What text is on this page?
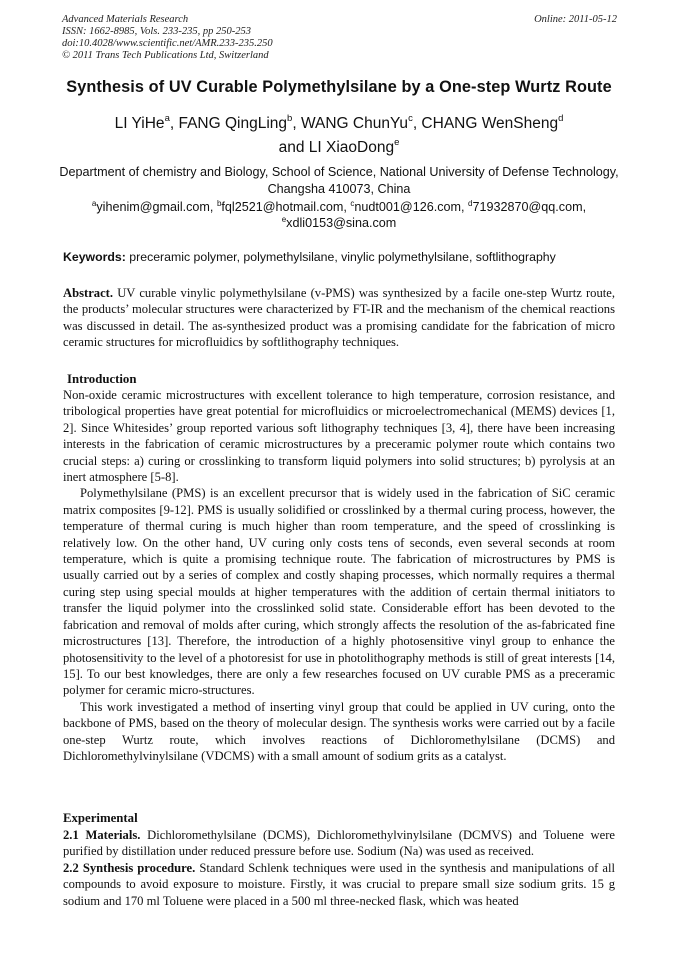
Advanced Materials Research
ISSN: 1662-8985, Vols. 233-235, pp 250-253
doi:10.4028/www.scientific.net/AMR.233-235.250
© 2011 Trans Tech Publications Ltd, Switzerland
Online: 2011-05-12
Synthesis of UV Curable Polymethylsilane by a One-step Wurtz Route
LI YiHe$^a$, FANG QingLing$^b$, WANG ChunYu$^c$, CHANG WenSheng$^d$
and LI XiaoDong$^e$
Department of chemistry and Biology, School of Science, National University of Defense Technology, Changsha 410073, China
$^a$yihenim@gmail.com, $^b$fql2521@hotmail.com, $^c$nudt001@126.com, $^d$71932870@qq.com,
$^e$xdli0153@sina.com
Keywords: preceramic polymer, polymethylsilane, vinylic polymethylsilane, softlithography
Abstract. UV curable vinylic polymethylsilane (v-PMS) was synthesized by a facile one-step Wurtz route, the products’ molecular structures were characterized by FT-IR and the mechanism of the chemical reactions was discussed in detail. The as-synthesized product was a promising candidate for the fabrication of micro ceramic structures for microfluidics by softlithography techniques.
Introduction

Non-oxide ceramic microstructures with excellent tolerance to high temperature, corrosion resistance, and tribological properties have great potential for microfluidics or microelectromechanical (MEMS) devices [1, 2]. Since Whitesides’ group reported various soft lithography techniques [3, 4], there have been increasing interests in the fabrication of ceramic microstructures by a preceramic polymer route which contains two crucial steps: a) curing or crosslinking to transform liquid polymers into solid structures; b) pyrolysis at an inert atmosphere [5-8].

Polymethylsilane (PMS) is an excellent precursor that is widely used in the fabrication of SiC ceramic matrix composites [9-12]. PMS is usually solidified or crosslinked by a thermal curing process, however, the temperature of thermal curing is much higher than room temperature, and the speed of crosslinking is relatively low. On the other hand, UV curing only costs tens of seconds, even several seconds at room temperature, which is quite a promising technique route. The fabrication of microstructures by PMS is usually carried out by a series of complex and costly shaping processes, which normally requires a thermal curing step using special moulds at higher temperatures with the addition of certain thermal initiators to transfer the liquid polymer into the crosslinked solid state. Considerable effort has been devoted to the fabrication and removal of molds after curing, which strongly affects the resolution of the as-fabricated fine microstructures [13]. Therefore, the introduction of a highly photosensitive vinyl group to enhance the photosensitivity to the level of a photoresist for use in photolithography methods is still of great interests [14, 15]. To our best knowledges, there are only a few researches focused on UV curable PMS as a preceramic polymer for ceramic micro-structures.

This work investigated a method of inserting vinyl group that could be applied in UV curing, onto the backbone of PMS, based on the theory of molecular design. The synthesis works were carried out by a facile one-step Wurtz route, which involves reactions of Dichloromethylsilane (DCMS) and Dichloromethylvinylsilane (VDCMS) with a small amount of sodium grits as a catalyst.

Experimental

2.1 Materials. Dichloromethylsilane (DCMS), Dichloromethylvinylsilane (DCMVS) and Toluene were purified by distillation under reduced pressure before use. Sodium (Na) was used as received.

2.2 Synthesis procedure. Standard Schlenk techniques were used in the synthesis and manipulations of all compounds to avoid exposure to moisture. Firstly, it was crucial to prepare small size sodium grits. 15 g sodium and 170 ml Toluene were placed in a 500 ml three-necked flask, which was heated
